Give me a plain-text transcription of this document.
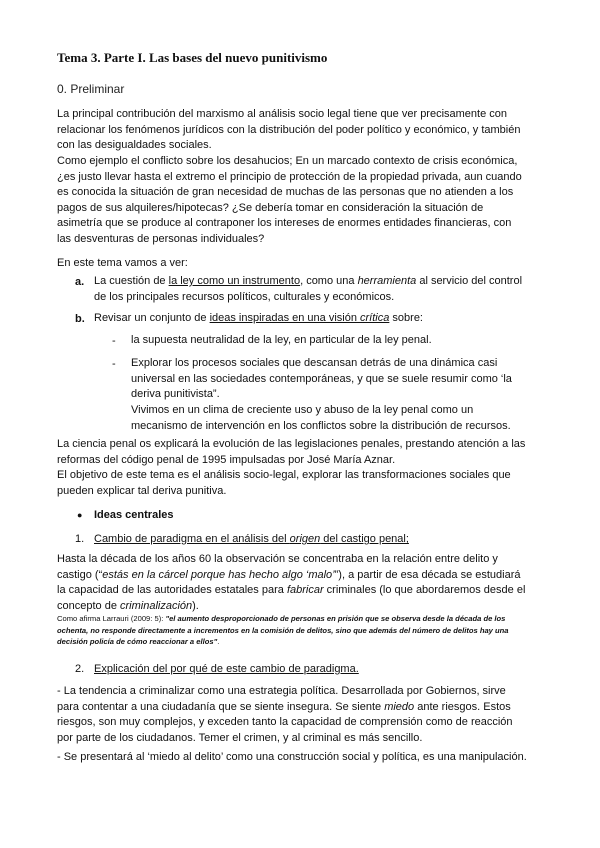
Tema 3. Parte I. Las bases del nuevo punitivismo
0. Preliminar
La principal contribución del marxismo al análisis socio legal tiene que ver precisamente con relacionar los fenómenos jurídicos con la distribución del poder político y económico, y también con las desigualdades sociales.
Como ejemplo el conflicto sobre los desahucios; En un marcado contexto de crisis económica, ¿es justo llevar hasta el extremo el principio de protección de la propiedad privada, aun cuando es conocida la situación de gran necesidad de muchas de las personas que no atienden a los pagos de sus alquileres/hipotecas? ¿Se debería tomar en consideración la situación de asimetría que se produce al contraponer los intereses de enormes entidades financieras, con las desventuras de personas individuales?
En este tema vamos a ver:
a. La cuestión de la ley como un instrumento, como una herramienta al servicio del control de los principales recursos políticos, culturales y económicos.
b. Revisar un conjunto de ideas inspiradas en una visión crítica sobre:
- la supuesta neutralidad de la ley, en particular de la ley penal.
- Explorar los procesos sociales que descansan detrás de una dinámica casi universal en las sociedades contemporáneas, y que se suele resumir como ‘la deriva punitivista”.
Vivimos en un clima de creciente uso y abuso de la ley penal como un mecanismo de intervención en los conflictos sobre la distribución de recursos.
La ciencia penal os explicará la evolución de las legislaciones penales, prestando atención a las reformas del código penal de 1995 impulsadas por José María Aznar.
El objetivo de este tema es el análisis socio-legal, explorar las transformaciones sociales que pueden explicar tal deriva punitiva.
● Ideas centrales
1. Cambio de paradigma en el análisis del origen del castigo penal;
Hasta la década de los años 60 la observación se concentraba en la relación entre delito y castigo (“estás en la cárcel porque has hecho algo ‘malo’”), a partir de esa década se estudiará la capacidad de las autoridades estatales para fabricar criminales (lo que abordaremos desde el concepto de criminalización).
Como afirma Larrauri (2009: 5): "el aumento desproporcionado de personas en prisión que se observa desde la década de los ochenta, no responde directamente a incrementos en la comisión de delitos, sino que además del número de delitos hay una decisión policía de cómo reaccionar a ellos".
2. Explicación del por qué de este cambio de paradigma.
- La tendencia a criminalizar como una estrategia política. Desarrollada por Gobiernos, sirve para contentar a una ciudadanía que se siente insegura. Se siente miedo ante riesgos. Estos riesgos, son muy complejos, y exceden tanto la capacidad de comprensión como de reacción por parte de los ciudadanos. Temer el crimen, y al criminal es más sencillo.
- Se presentará al ‘miedo al delito’ como una construcción social y política, es una manipulación.
